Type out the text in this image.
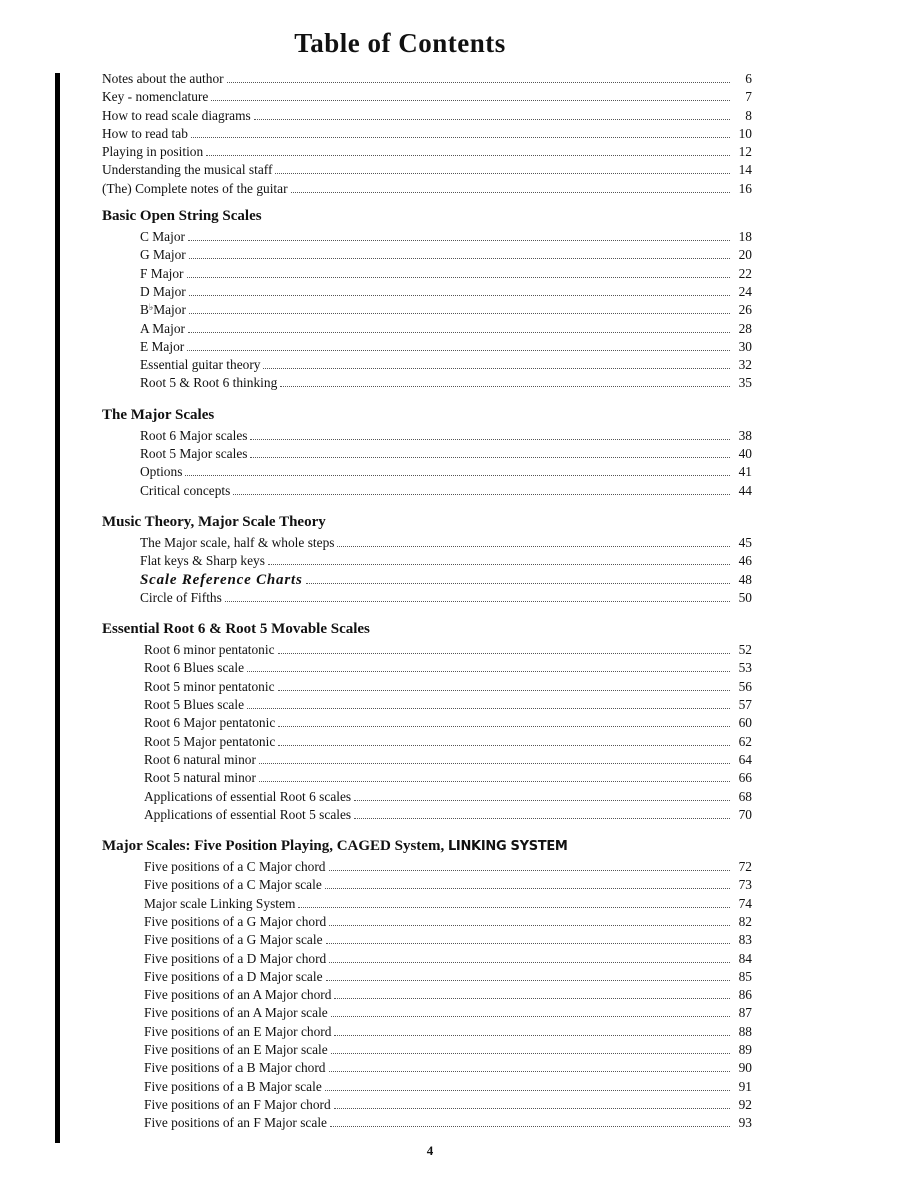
Table of Contents
Notes about the author	6
Key - nomenclature	7
How to read scale diagrams	8
How to read tab	10
Playing in position	12
Understanding the musical staff	14
(The) Complete notes of the guitar	16
Basic Open String Scales
C Major	18
G Major	20
F Major	22
D Major	24
B♭Major	26
A Major	28
E Major	30
Essential guitar theory	32
Root 5 & Root 6 thinking	35
The Major Scales
Root 6 Major scales	38
Root 5 Major scales	40
Options	41
Critical concepts	44
Music Theory, Major Scale Theory
The Major scale, half & whole steps	45
Flat keys & Sharp keys	46
Scale Reference Charts	48
Circle of Fifths	50
Essential Root 6 & Root 5 Movable Scales
Root 6 minor pentatonic	52
Root 6 Blues scale	53
Root 5 minor pentatonic	56
Root 5 Blues scale	57
Root 6 Major pentatonic	60
Root 5 Major pentatonic	62
Root 6 natural minor	64
Root 5 natural minor	66
Applications of essential Root 6 scales	68
Applications of essential Root 5 scales	70
Major Scales: Five Position Playing, CAGED System, LINKING SYSTEM
Five positions of a C Major chord	72
Five positions of a C Major scale	73
Major scale Linking System	74
Five positions of a G Major chord	82
Five positions of a G Major scale	83
Five positions of a D Major chord	84
Five positions of a D Major scale	85
Five positions of an A Major chord	86
Five positions of an A Major scale	87
Five positions of an E Major chord	88
Five positions of an E Major scale	89
Five positions of a B Major chord	90
Five positions of a B Major scale	91
Five positions of an F Major chord	92
Five positions of an F Major scale	93
4
